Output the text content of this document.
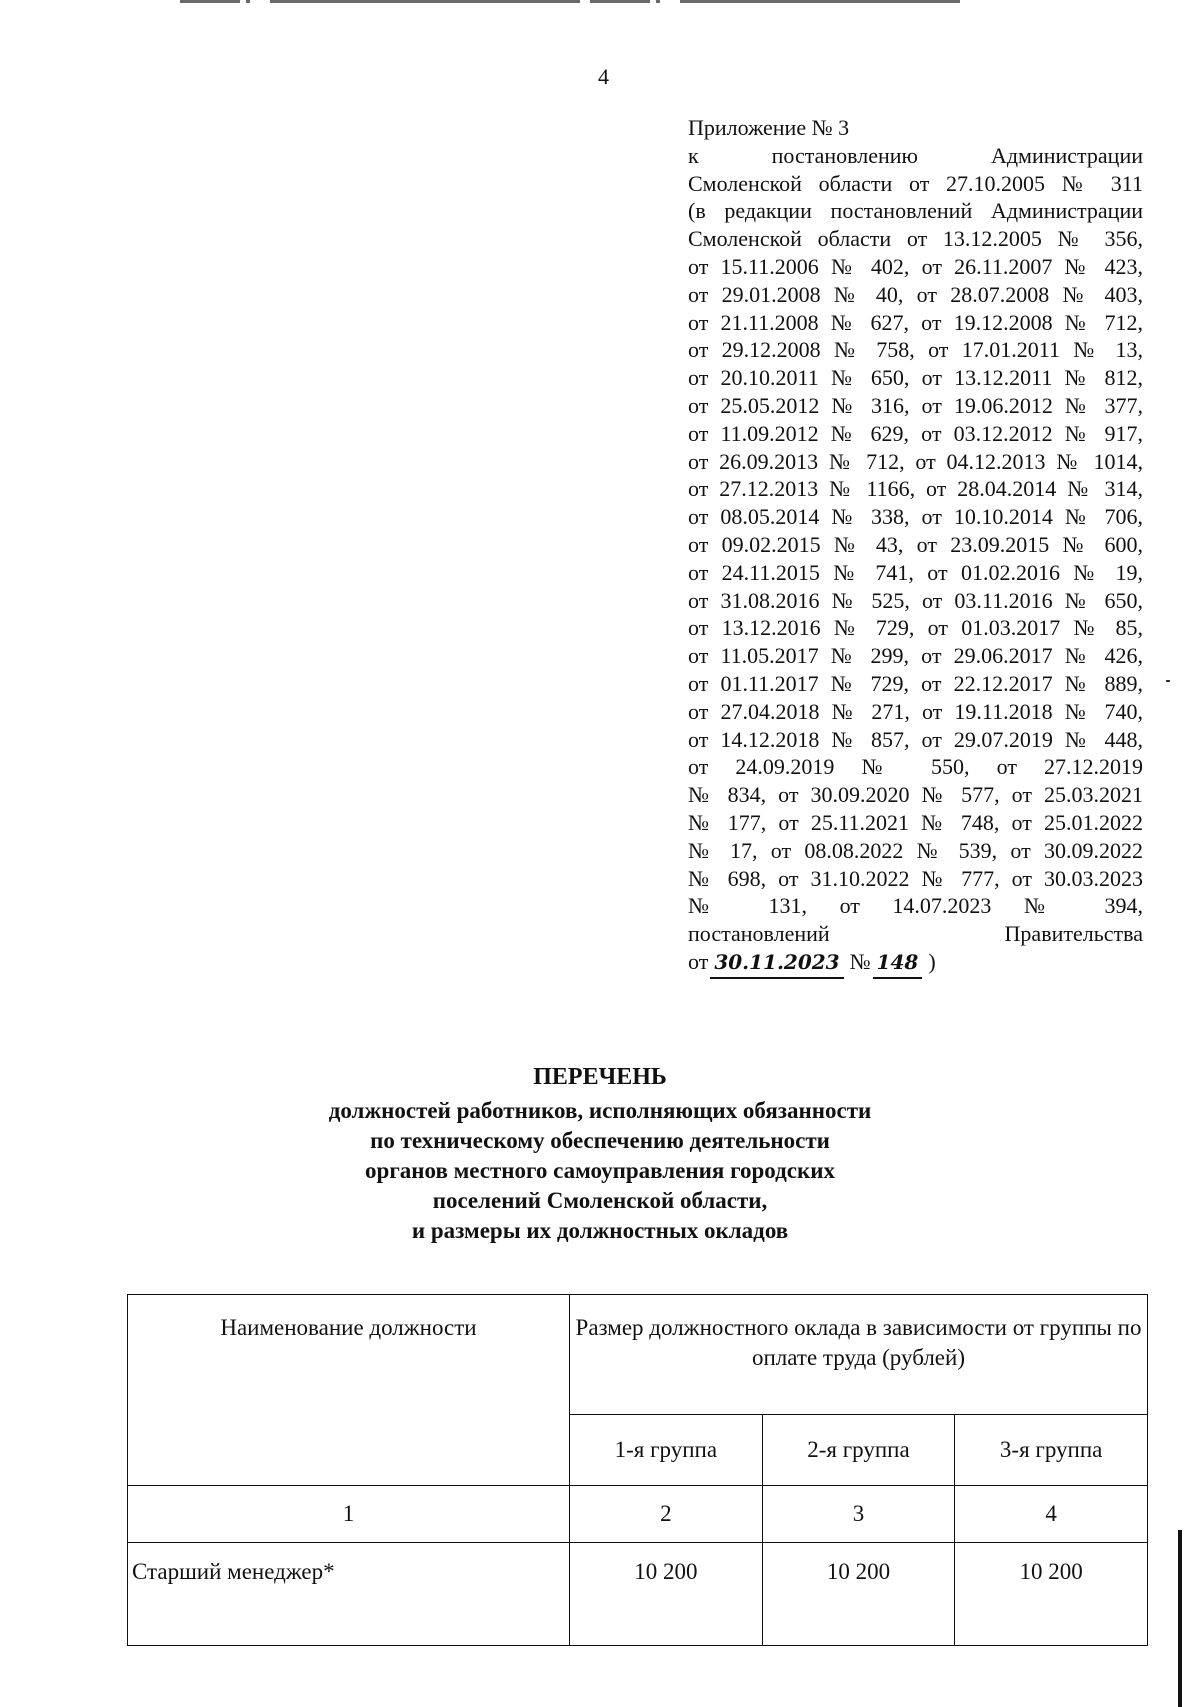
4
Приложение № 3
к постановлению Администрации
Смоленской области от 27.10.2005 № 311
(в редакции постановлений Администрации
Смоленской области от 13.12.2005 № 356,
от 15.11.2006 № 402, от 26.11.2007 № 423,
от 29.01.2008 № 40, от 28.07.2008 № 403,
от 21.11.2008 № 627, от 19.12.2008 № 712,
от 29.12.2008 № 758, от 17.01.2011 № 13,
от 20.10.2011 № 650, от 13.12.2011 № 812,
от 25.05.2012 № 316, от 19.06.2012 № 377,
от 11.09.2012 № 629, от 03.12.2012 № 917,
от 26.09.2013 № 712, от 04.12.2013 № 1014,
от 27.12.2013 № 1166, от 28.04.2014 № 314,
от 08.05.2014 № 338, от 10.10.2014 № 706,
от 09.02.2015 № 43, от 23.09.2015 № 600,
от 24.11.2015 № 741, от 01.02.2016 № 19,
от 31.08.2016 № 525, от 03.11.2016 № 650,
от 13.12.2016 № 729, от 01.03.2017 № 85,
от 11.05.2017 № 299, от 29.06.2017 № 426,
от 01.11.2017 № 729, от 22.12.2017 № 889,
от 27.04.2018 № 271, от 19.11.2018 № 740,
от 14.12.2018 № 857, от 29.07.2019 № 448,
от 24.09.2019 № 550, от 27.12.2019
№ 834, от 30.09.2020 № 577, от 25.03.2021
№ 177, от 25.11.2021 № 748, от 25.01.2022
№ 17, от 08.08.2022 № 539, от 30.09.2022
№ 698, от 31.10.2022 № 777, от 30.03.2023
№ 131, от 14.07.2023 № 394,
постановлений Правительства
от 30.11.2023 № 148 )
ПЕРЕЧЕНЬ
должностей работников, исполняющих обязанности
по техническому обеспечению деятельности
органов местного самоуправления городских
поселений Смоленской области,
и размеры их должностных окладов
Наименование должности	Размер должностного оклада в зависимости от группы по оплате труда (рублей)		
	1-я группа	2-я группа	3-я группа
1	2	3	4
Старший менеджер*	10 200	10 200	10 200
